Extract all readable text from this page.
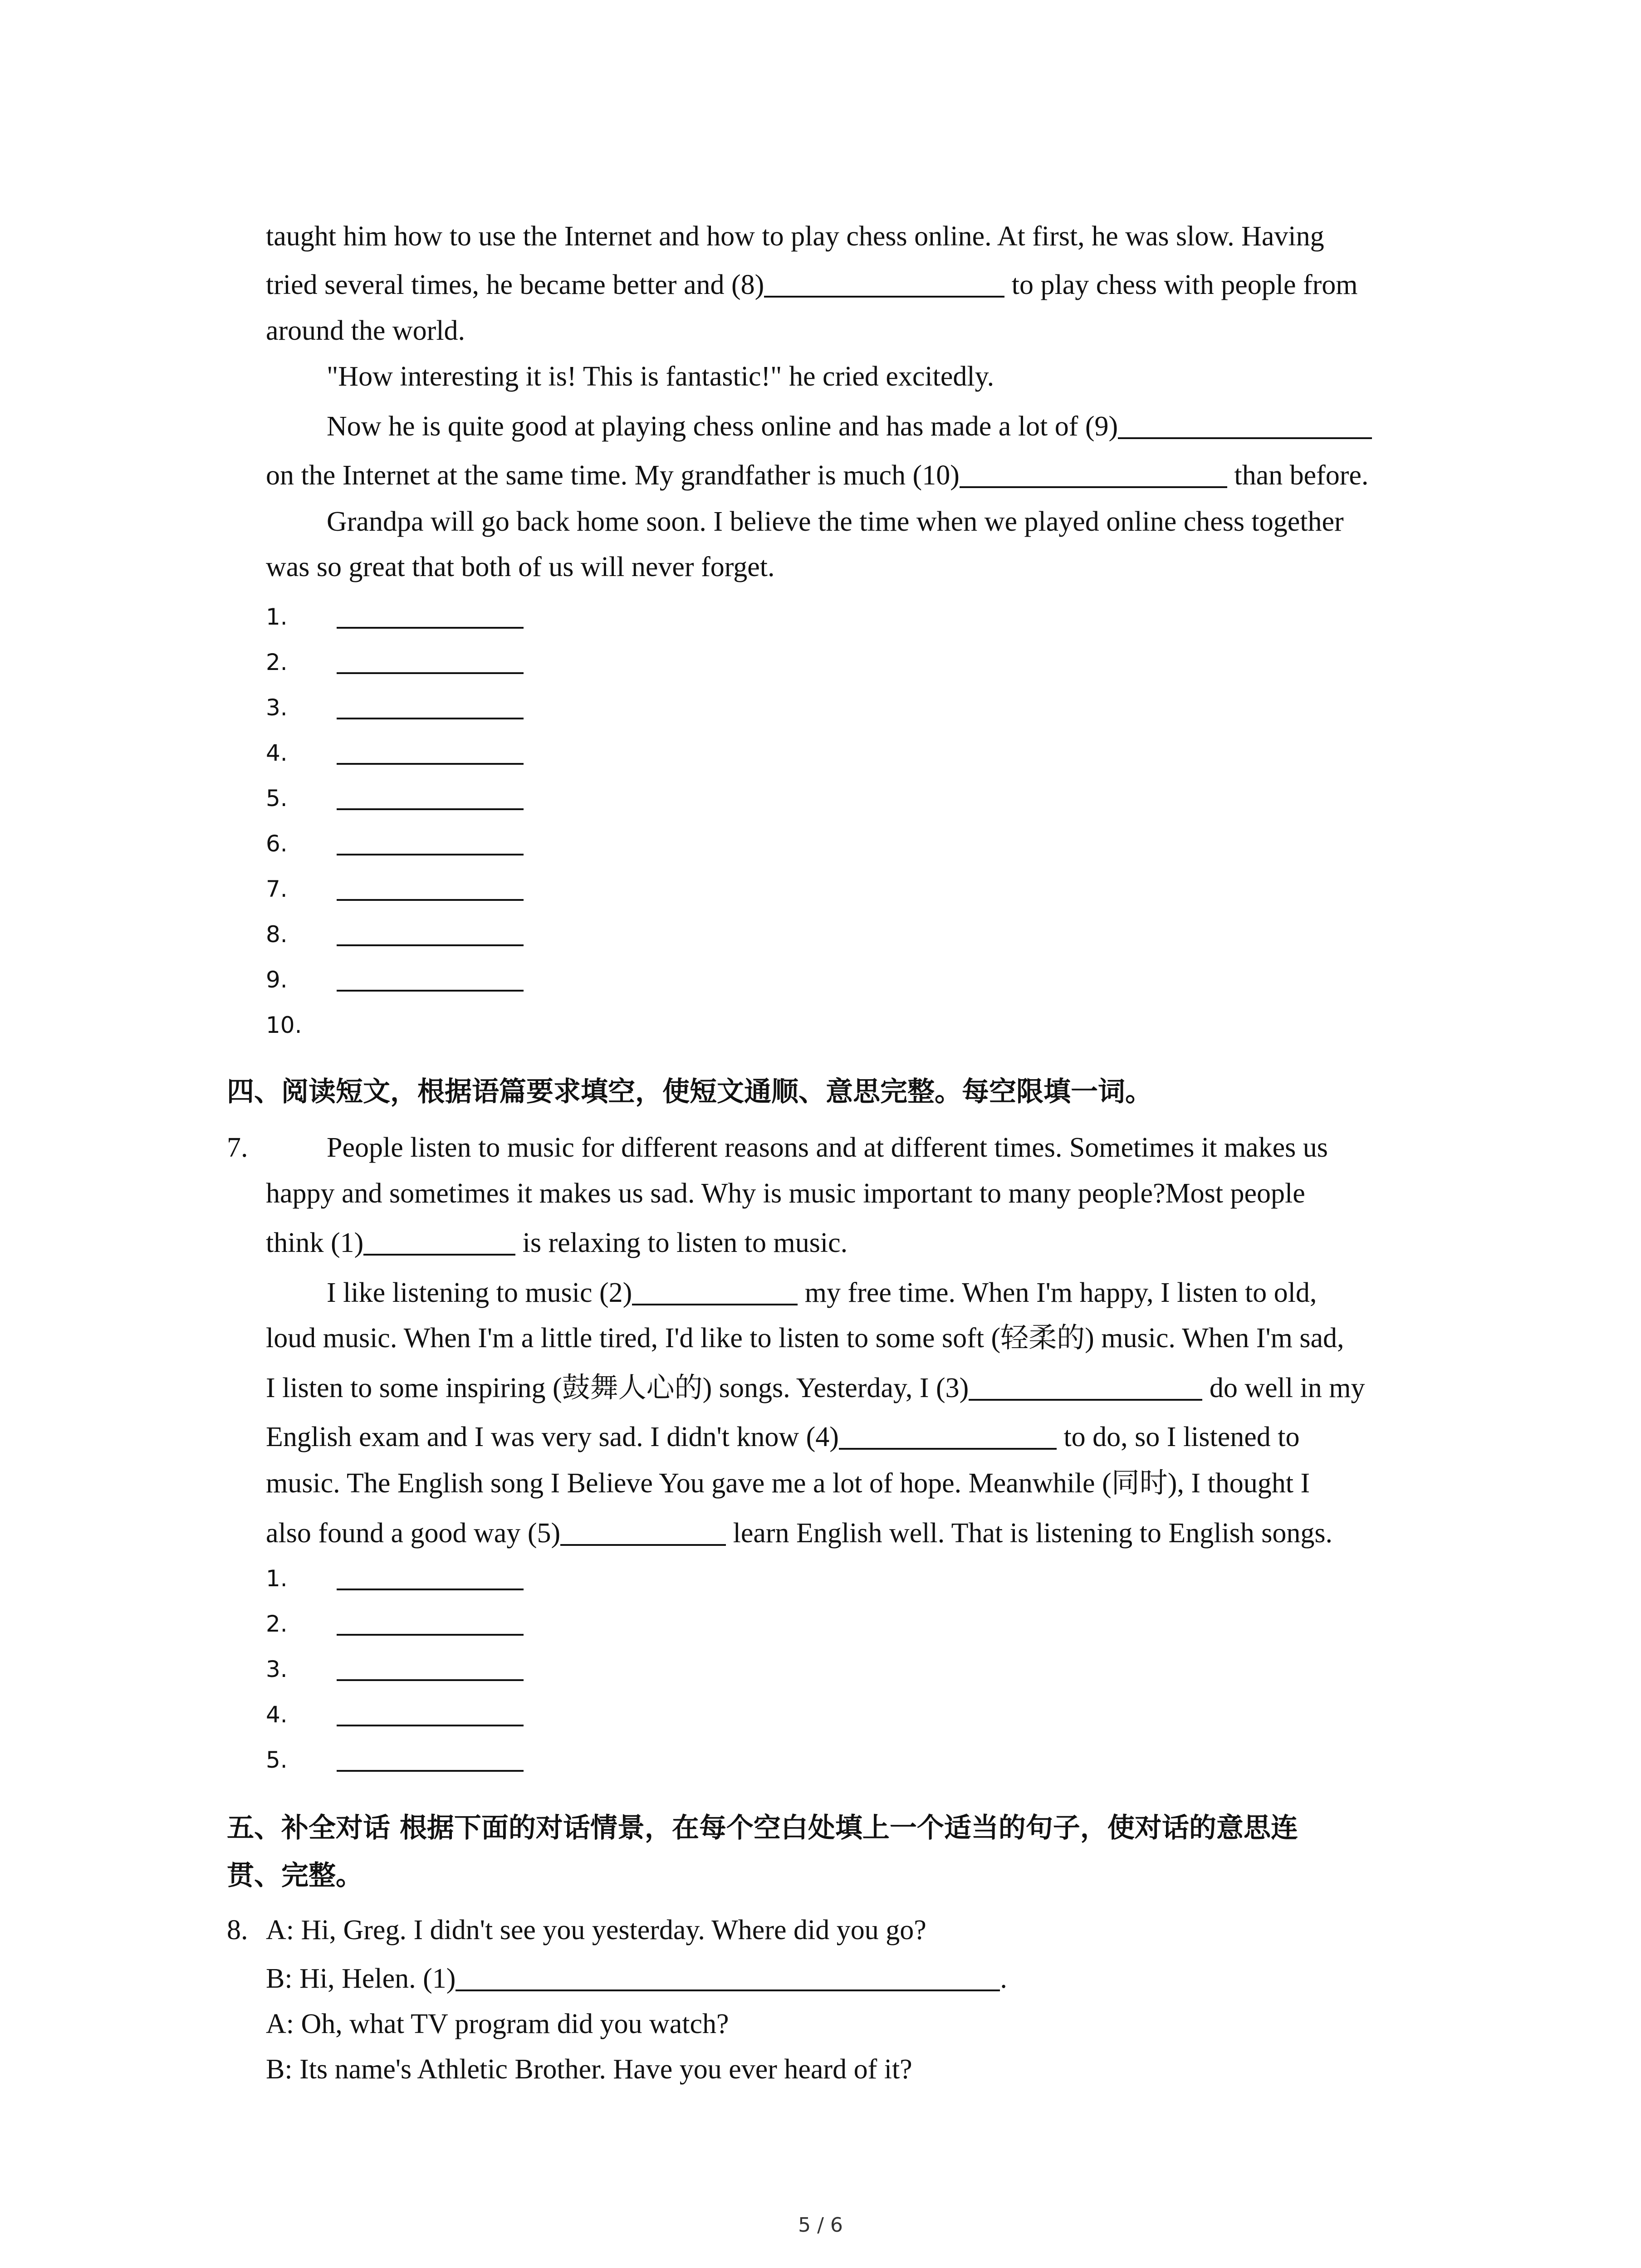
taught him how to use the Internet and how to play chess online. At first, he was slow. Having
tried several times, he became better and (8)	to play chess with people from
around the world.
"How interesting it is! This is fantastic!" he cried excitedly.
Now he is quite good at playing chess online and has made a lot of (9)
on the Internet at the same time. My grandfather is much (10)	than before.
Grandpa will go back home soon. I believe the time when we played online chess together
was so great that both of us will never forget.
1.
2.
3.
4.
5.
6.
7.
8.
9.
10.
四、阅读短文，根据语篇要求填空，使短文通顺、意思完整。每空限填一词。
7.	People listen to music for different reasons and at different times. Sometimes it makes us
happy and sometimes it makes us sad. Why is music important to many people?Most people
think (1)	is relaxing to listen to music.
I like listening to music (2)	my free time. When I'm happy, I listen to old,
loud music. When I'm a little tired, I'd like to listen to some soft (轻柔的) music. When I'm sad,
I listen to some inspiring (鼓舞人心的) songs. Yesterday, I (3)	do well in my
English exam and I was very sad. I didn't know (4)	to do, so I listened to
music. The English song I Believe You gave me a lot of hope. Meanwhile (同时), I thought I
also found a good way (5)	learn English well. That is listening to English songs.
1.
2.
3.
4.
5.
五、补全对话 根据下面的对话情景，在每个空白处填上一个适当的句子，使对话的意思连
贯、完整。
8. A: Hi, Greg. I didn't see you yesterday. Where did you go?
B: Hi, Helen. (1)	.
A: Oh, what TV program did you watch?
B: Its name's Athletic Brother. Have you ever heard of it?
5 / 6
